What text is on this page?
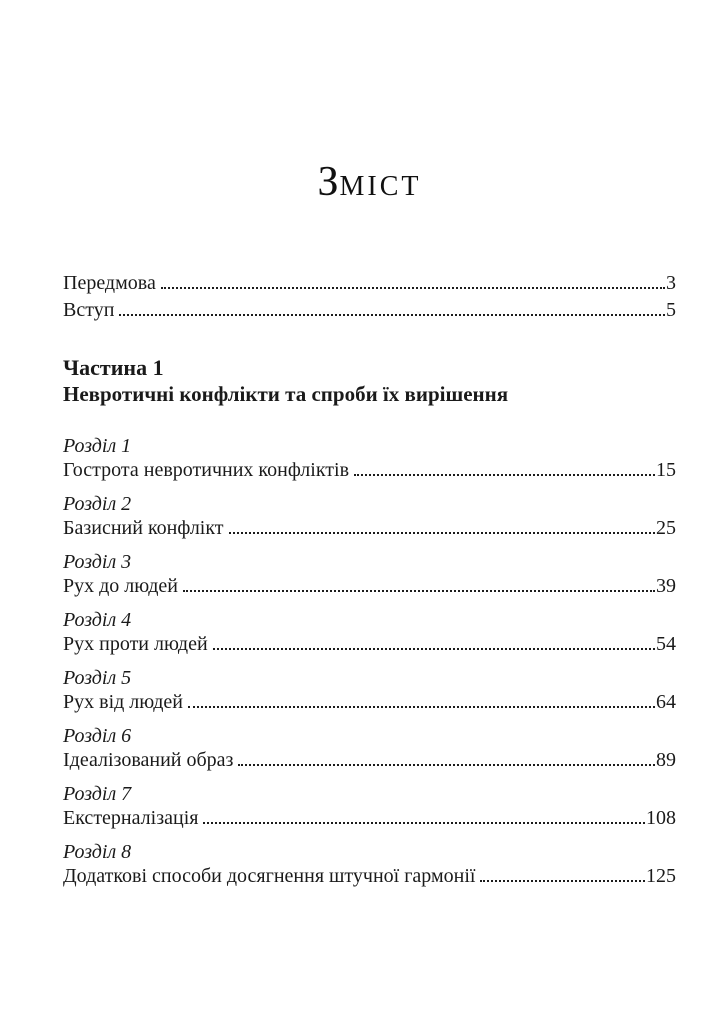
ЗМІСТ
Передмова	3
Вступ	5
Частина 1
Невротичні конфлікти та спроби їх вирішення
Розділ 1
Гострота невротичних конфліктів	15
Розділ 2
Базисний конфлікт	25
Розділ 3
Рух до людей	39
Розділ 4
Рух проти людей	54
Розділ 5
Рух від людей	64
Розділ 6
Ідеалізований образ	89
Розділ 7
Екстерналізація	108
Розділ 8
Додаткові способи досягнення штучної гармонії	125
